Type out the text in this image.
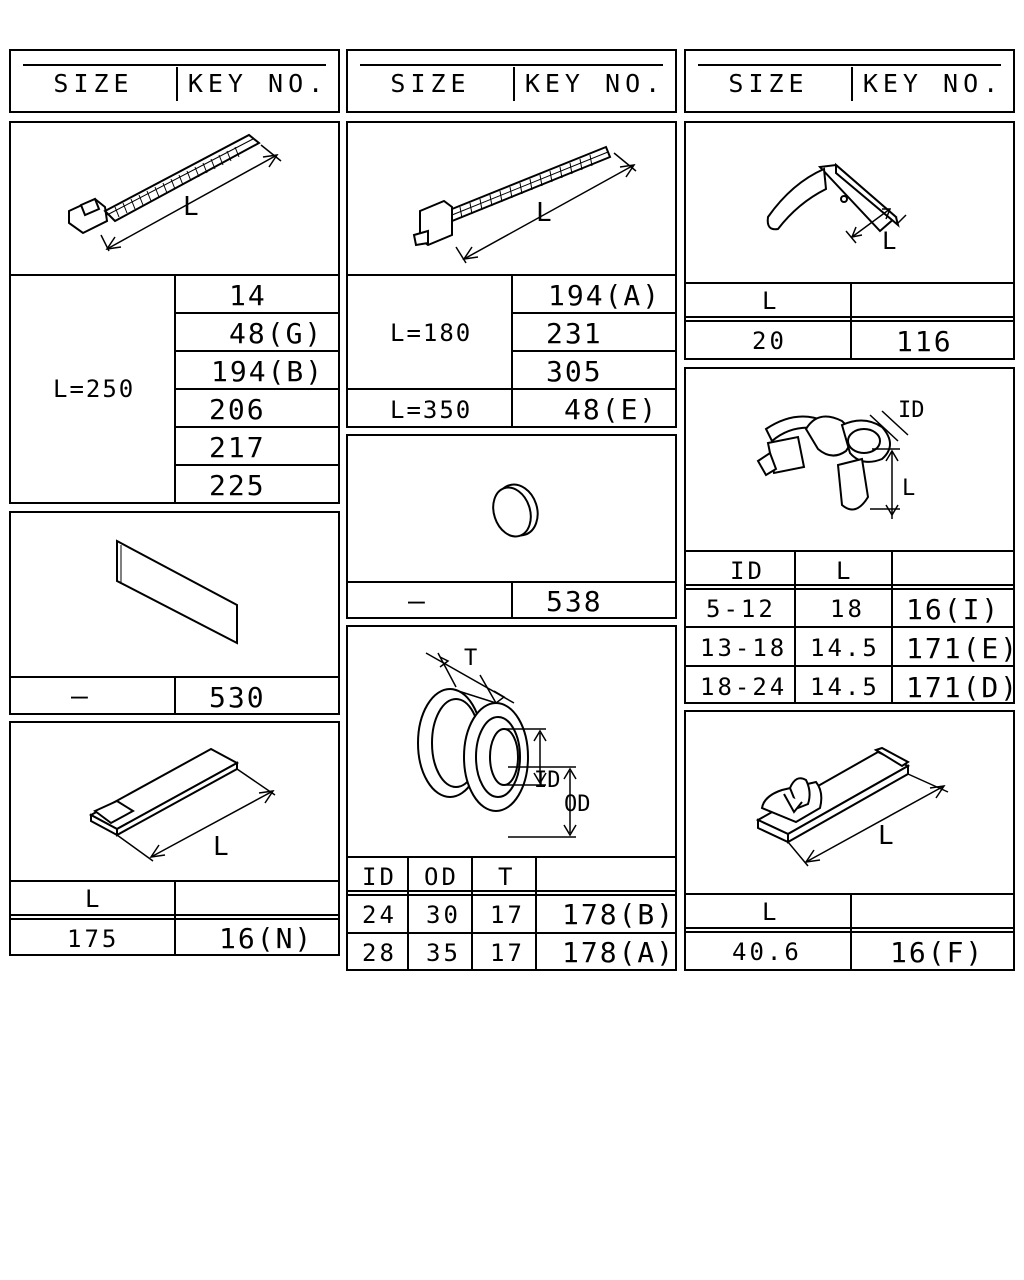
SIZE	KEY NO.	SIZE	KEY NO.	SIZE	KEY NO.
L
L=250
14
48(G)
194(B)
206
217
225
L
L=180
194(A)
231
305
L=350	48(E)
L
L
20	116
—	530
—	538
ID
L
ID	L
5-12 18 16(I)
13-18 14.5 171(E)
18-24 14.5 171(D)
L
L
175	16(N)
T
ID
OD
ID OD T
24 30 17 178(B)
28 35 17 178(A)
L
L
40.6	16(F)
